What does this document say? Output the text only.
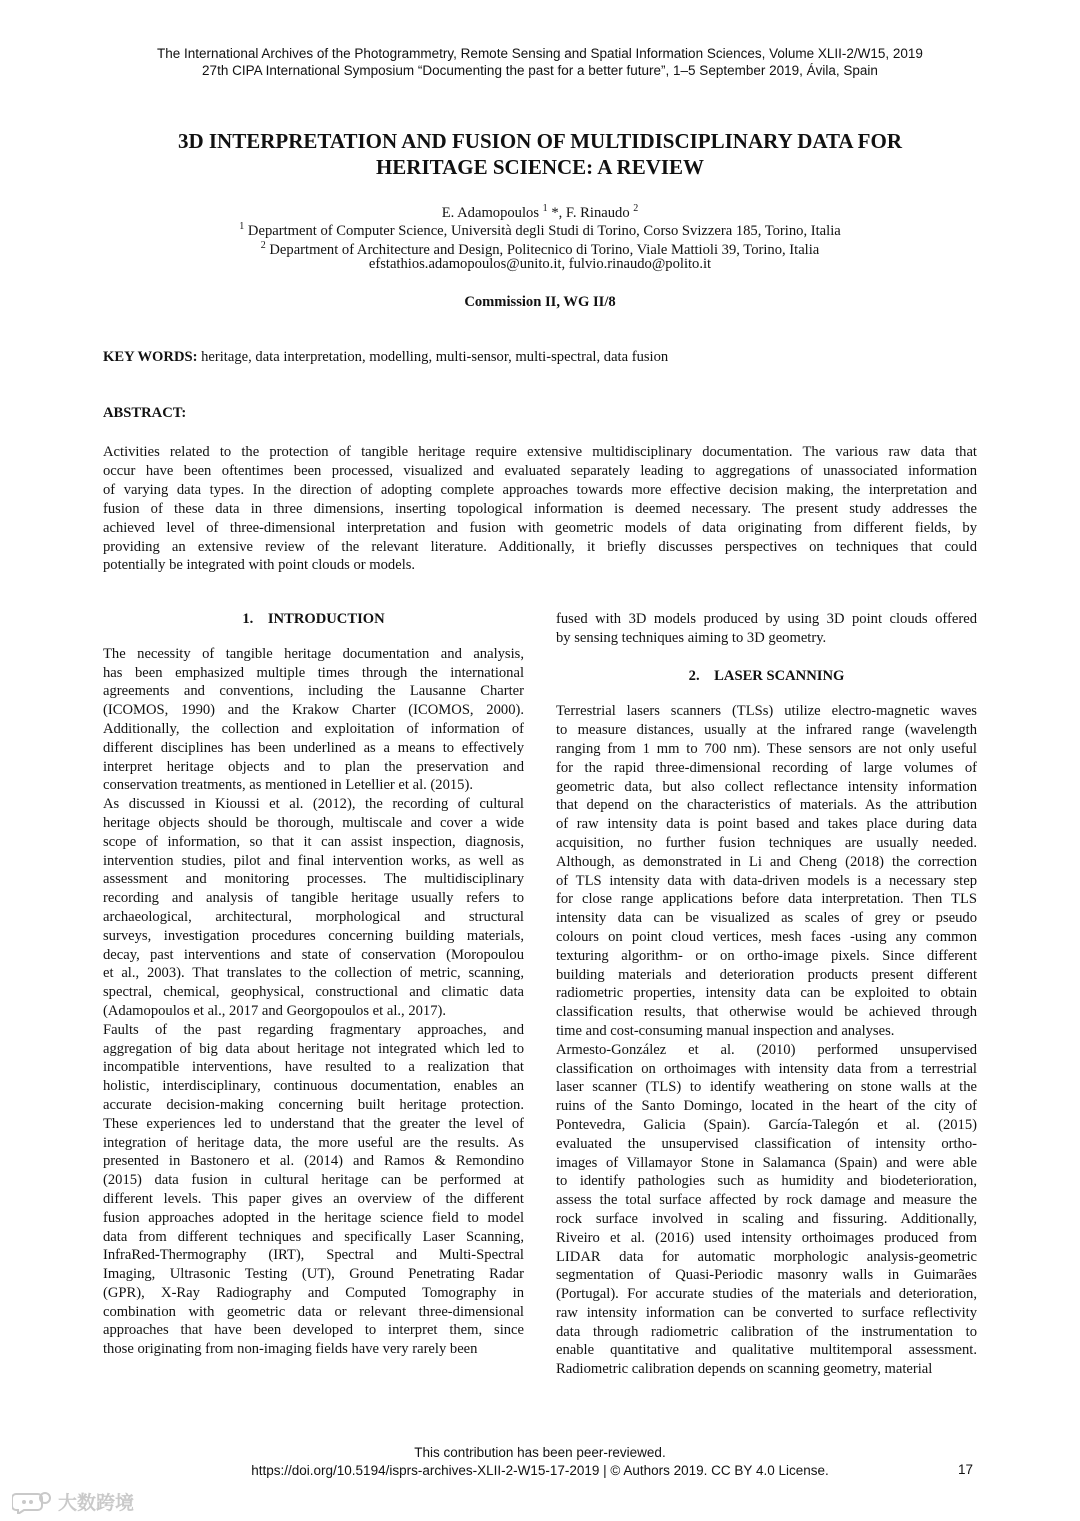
The International Archives of the Photogrammetry, Remote Sensing and Spatial Information Sciences, Volume XLII-2/W15, 2019
27th CIPA International Symposium “Documenting the past for a better future”, 1–5 September 2019, Ávila, Spain
3D INTERPRETATION AND FUSION OF MULTIDISCIPLINARY DATA FOR
HERITAGE SCIENCE: A REVIEW
E. Adamopoulos $^1$ *, F. Rinaudo $^2$
$^1$ Department of Computer Science, Università degli Studi di Torino, Corso Svizzera 185, Torino, Italia
$^2$ Department of Architecture and Design, Politecnico di Torino, Viale Mattioli 39, Torino, Italia
efstathios.adamopoulos@unito.it, fulvio.rinaudo@polito.it
Commission II, WG II/8
KEY WORDS: heritage, data interpretation, modelling, multi-sensor, multi-spectral, data fusion
ABSTRACT:
Activities related to the protection of tangible heritage require extensive multidisciplinary documentation. The various raw data that
occur have been oftentimes been processed, visualized and evaluated separately leading to aggregations of unassociated information
of varying data types. In the direction of adopting complete approaches towards more effective decision making, the interpretation and
fusion of these data in three dimensions, inserting topological information is deemed necessary. The present study addresses the
achieved level of three-dimensional interpretation and fusion with geometric models of data originating from different fields, by
providing an extensive review of the relevant literature. Additionally, it briefly discusses perspectives on techniques that could
potentially be integrated with point clouds or models.
1.    INTRODUCTION
The necessity of tangible heritage documentation and analysis,
has been emphasized multiple times through the international
agreements and conventions, including the Lausanne Charter
(ICOMOS, 1990) and the Krakow Charter (ICOMOS, 2000).
Additionally, the collection and exploitation of information of
different disciplines has been underlined as a means to effectively
interpret heritage objects and to plan the preservation and
conservation treatments, as mentioned in Letellier et al. (2015).
As discussed in Kioussi et al. (2012), the recording of cultural
heritage objects should be thorough, multiscale and cover a wide
scope of information, so that it can assist inspection, diagnosis,
intervention studies, pilot and final intervention works, as well as
assessment and monitoring processes. The multidisciplinary
recording and analysis of tangible heritage usually refers to
archaeological, architectural, morphological and structural
surveys, investigation procedures concerning building materials,
decay, past interventions and state of conservation (Moropoulou
et al., 2003). That translates to the collection of metric, scanning,
spectral, chemical, geophysical, constructional and climatic data
(Adamopoulos et al., 2017 and Georgopoulos et al., 2017).
Faults of the past regarding fragmentary approaches, and
aggregation of big data about heritage not integrated which led to
incompatible interventions, have resulted to a realization that
holistic, interdisciplinary, continuous documentation, enables an
accurate decision-making concerning built heritage protection.
These experiences led to understand that the greater the level of
integration of heritage data, the more useful are the results. As
presented in Bastonero et al. (2014) and Ramos & Remondino
(2015) data fusion in cultural heritage can be performed at
different levels. This paper gives an overview of the different
fusion approaches adopted in the heritage science field to model
data from different techniques and specifically Laser Scanning,
InfraRed-Thermography (IRT), Spectral and Multi-Spectral
Imaging, Ultrasonic Testing (UT), Ground Penetrating Radar
(GPR), X-Ray Radiography and Computed Tomography in
combination with geometric data or relevant three-dimensional
approaches that have been developed to interpret them, since
those originating from non-imaging fields have very rarely been
fused with 3D models produced by using 3D point clouds offered
by sensing techniques aiming to 3D geometry.
2.    LASER SCANNING
Terrestrial lasers scanners (TLSs) utilize electro-magnetic waves
to measure distances, usually at the infrared range (wavelength
ranging from 1 mm to 700 nm). These sensors are not only useful
for the rapid three-dimensional recording of large volumes of
geometric data, but also collect reflectance intensity information
that depend on the characteristics of materials. As the attribution
of raw intensity data is point based and takes place during data
acquisition, no further fusion techniques are usually needed.
Although, as demonstrated in Li and Cheng (2018) the correction
of TLS intensity data with data-driven models is a necessary step
for close range applications before data interpretation. Then TLS
intensity data can be visualized as scales of grey or pseudo
colours on point cloud vertices, mesh faces -using any common
texturing algorithm- or on ortho-image pixels. Since different
building materials and deterioration products present different
radiometric properties, intensity data can be exploited to obtain
classification results, that otherwise would be achieved through
time and cost-consuming manual inspection and analyses.
Armesto-González et al. (2010) performed unsupervised
classification on orthoimages with intensity data from a terrestrial
laser scanner (TLS) to identify weathering on stone walls at the
ruins of the Santo Domingo, located in the heart of the city of
Pontevedra, Galicia (Spain). García-Talegón et al. (2015)
evaluated the unsupervised classification of intensity ortho-
images of Villamayor Stone in Salamanca (Spain) and were able
to identify pathologies such as humidity and biodeterioration,
assess the total surface affected by rock damage and measure the
rock surface involved in scaling and fissuring. Additionally,
Riveiro et al. (2016) used intensity orthoimages produced from
LIDAR data for automatic morphologic analysis-geometric
segmentation of Quasi-Periodic masonry walls in Guimarães
(Portugal). For accurate studies of the materials and deterioration,
raw intensity information can be converted to surface reflectivity
data through radiometric calibration of the instrumentation to
enable quantitative and qualitative multitemporal assessment.
Radiometric calibration depends on scanning geometry, material
This contribution has been peer-reviewed.
https://doi.org/10.5194/isprs-archives-XLII-2-W15-17-2019 | © Authors 2019. CC BY 4.0 License.	17
大数跨境
